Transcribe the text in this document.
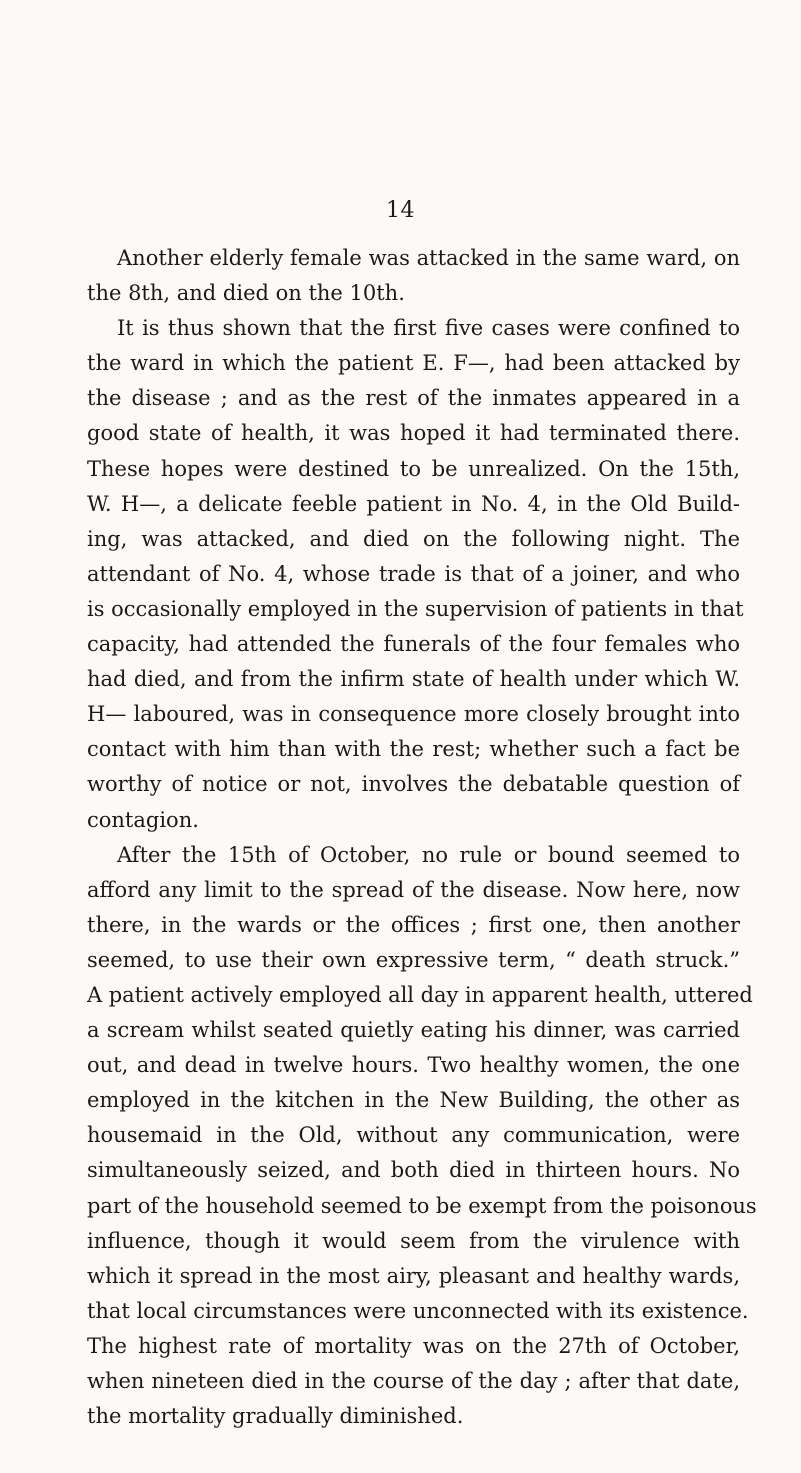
14
Another elderly female was attacked in the same ward, on
the 8th, and died on the 10th.
It is thus shown that the first five cases were confined to
the ward in which the patient E. F—, had been attacked by
the disease ; and as the rest of the inmates appeared in a
good state of health, it was hoped it had terminated there.
These hopes were destined to be unrealized. On the 15th,
W. H—, a delicate feeble patient in No. 4, in the Old Build-
ing, was attacked, and died on the following night. The
attendant of No. 4, whose trade is that of a joiner, and who
is occasionally employed in the supervision of patients in that
capacity, had attended the funerals of the four females who
had died, and from the infirm state of health under which W.
H— laboured, was in consequence more closely brought into
contact with him than with the rest; whether such a fact be
worthy of notice or not, involves the debatable question of
contagion.
After the 15th of October, no rule or bound seemed to
afford any limit to the spread of the disease. Now here, now
there, in the wards or the offices ; first one, then another
seemed, to use their own expressive term, “ death struck.”
A patient actively employed all day in apparent health, uttered
a scream whilst seated quietly eating his dinner, was carried
out, and dead in twelve hours. Two healthy women, the one
employed in the kitchen in the New Building, the other as
housemaid in the Old, without any communication, were
simultaneously seized, and both died in thirteen hours. No
part of the household seemed to be exempt from the poisonous
influence, though it would seem from the virulence with
which it spread in the most airy, pleasant and healthy wards,
that local circumstances were unconnected with its existence.
The highest rate of mortality was on the 27th of October,
when nineteen died in the course of the day ; after that date,
the mortality gradually diminished.
